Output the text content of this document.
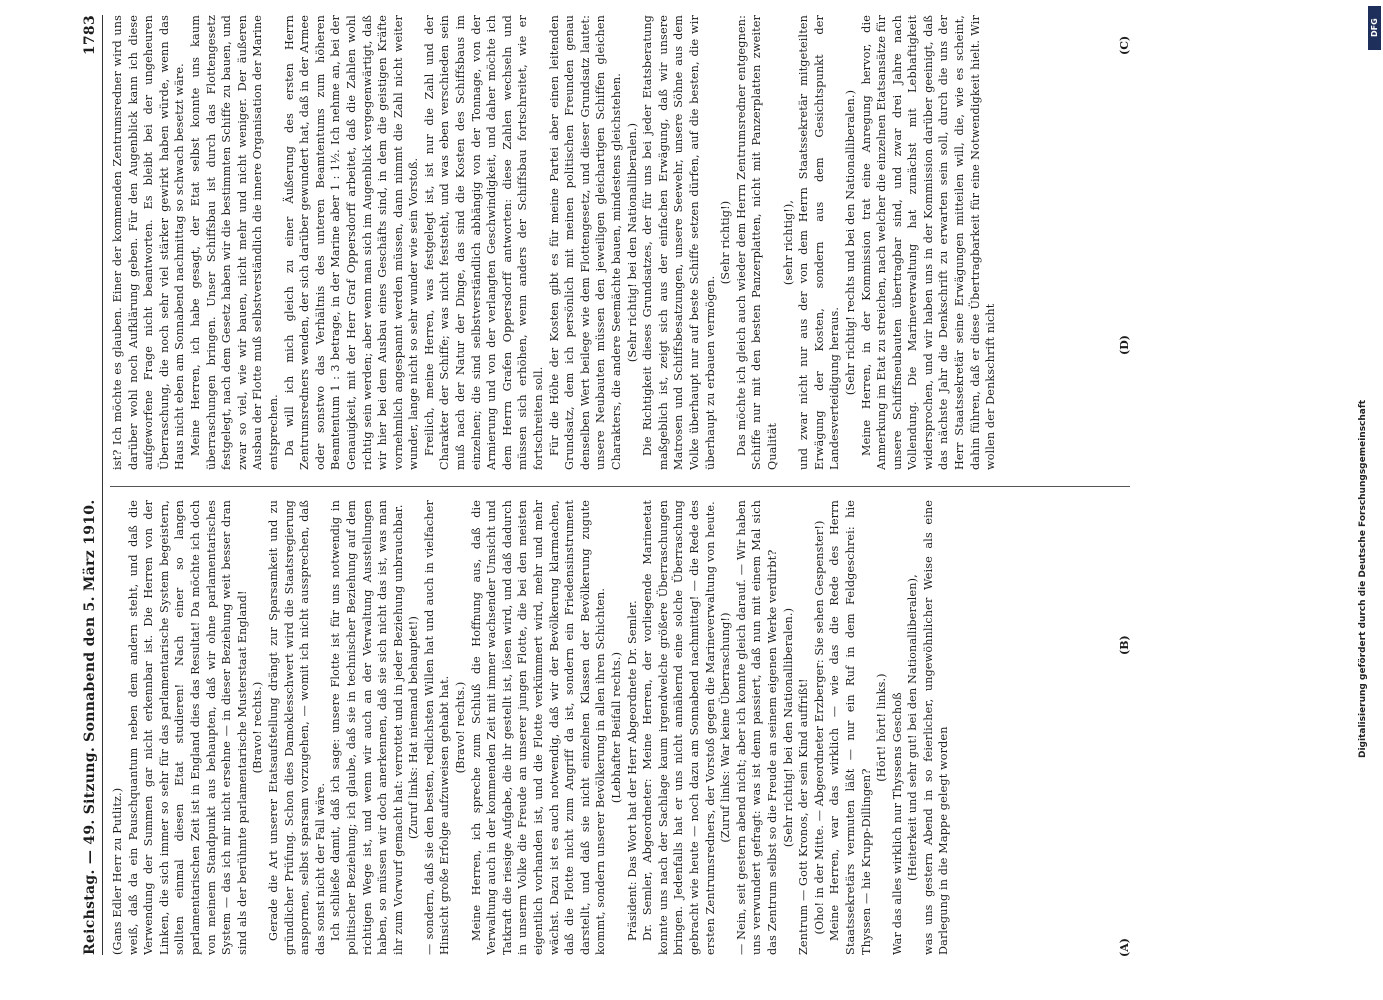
Reichstag. — 49. Sitzung. Sonnabend den 5. März 1910.
1783

(Gans Edler Herr zu Putlitz.) weiß, daß da ein Pauschquantum neben dem andern steht, und daß die Verwendung der Summen gar nicht erkennbar ist. Die Herren von der Linken, die sich immer so sehr für das parlamentarische System begeistern, sollten einmal diesen Etat studieren! Nach einer so langen parlamentarischen Zeit ist in England dies das Resultat! Da möchte ich doch von meinem Standpunkt aus behaupten, daß wir ohne parlamentarisches System — das ich mir nicht ersehne — in dieser Beziehung weit besser dran sind als der berühmte parlamentarische Musterstaat England! (Bravo! rechts.) Gerade die Art unserer Etatsaufstellung drängt zur Sparsamkeit und zu gründlicher Prüfung. Schon dies Damoklesschwert wird die Staatsregierung anspornen, selbst sparsam vorzugehen, — womit ich nicht aussprechen, daß das sonst nicht der Fall wäre. Ich schließe damit, daß ich sage: unsere Flotte ist für uns notwendig in politischer Beziehung; ich glaube, daß sie in technischer Beziehung auf dem richtigen Wege ist, und wenn wir auch an der Verwaltung Ausstellungen haben, so müssen wir doch anerkennen, daß sie sich nicht das ist, was man ihr zum Vorwurf gemacht hat: verrottet und in jeder Beziehung unbrauchbar. (Zuruf links: Hat niemand behauptet!) — sondern, daß sie den besten, redlichsten Willen hat und auch in vielfacher Hinsicht große Erfolge aufzuweisen gehabt hat. (Bravo! rechts.) Meine Herren, ich spreche zum Schluß die Hoffnung aus, daß die Verwaltung auch in der kommenden Zeit mit immer wachsender Umsicht und Tatkraft die riesige Aufgabe, die ihr gestellt ist, lösen wird, und daß dadurch in unserm Volke die Freude an unserer jungen Flotte, die bei den meisten eigentlich vorhanden ist, und die Flotte verkümmert wird, mehr und mehr wächst. Dazu ist es auch notwendig, daß wir der Bevölkerung klarmachen, daß die Flotte nicht zum Angriff da ist, sondern ein Friedensinstrument darstellt, und daß sie nicht einzelnen Klassen der Bevölkerung zugute kommt, sondern unserer Bevölkerung in allen ihren Schichten. (Lebhafter Beifall rechts.) Präsident: Das Wort hat der Herr Abgeordnete Dr. Semler. Dr. Semler, Abgeordneter: Meine Herren, der vorliegende Marineetat konnte uns nach der Sachlage kaum irgendwelche größere Überraschungen bringen. Jedenfalls hat er uns nicht annähernd eine solche Überraschung gebracht wie heute — noch dazu am Sonnabend nachmittag! — die Rede des ersten Zentrumsredners, der Vorstoß gegen die Marineverwaltung von heute. (Zuruf links: War keine Überraschung!) — Nein, seit gestern abend nicht; aber ich konnte gleich darauf. — Wir haben uns verwundert gefragt: was ist denn passiert, daß nun mit einem Mal sich das Zentrum selbst so die Freude an seinem eigenen Werke verdirbt? (Sehr richtig! bei den Nationalliberalen.) Zentrum — Gott Kronos, der sein Kind auffrißt! (Oho! in der Mitte. — Abgeordneter Erzberger: Sie sehen Gespenster!) Meine Herren, war das wirklich — wie das die Rede des Herrn Staatssekretärs vermuten läßt — nur ein Ruf in dem Feldgeschrei: hie Thyssen — hie Krupp-Dillingen?

(Hört! hört! links.) War das alles wirklich nur Thyssens Geschoß (Heiterkeit und sehr gut! bei den Nationalliberalen), was uns gestern Abend in so feierlicher, ungewöhnlicher Weise als eine Darlegung in die Mappe gelegt worden

ist? Ich möchte es glauben. Einer der kommenden Zentrumsredner wird uns darüber wohl noch Aufklärung geben. Für den Augenblick kann ich diese aufgeworfene Frage nicht beantworten. Es bleibt bei der ungeheuren Überraschung, die noch sehr viel stärker gewirkt haben würde, wenn das Haus nicht eben am Sonnabend nachmittag so schwach besetzt wäre. Meine Herren, ich habe gesagt, der Etat selbst konnte uns kaum überraschungen bringen. Unser Schiffsbau ist durch das Flottengesetz festgelegt, nach dem Gesetz haben wir die bestimmten Schiffe zu bauen, und zwar so viel, wie wir bauen, nicht mehr und nicht weniger. Der äußeren Ausbau der Flotte muß selbstverständlich die innere Organisation der Marine entsprechen. Da will ich mich gleich zu einer Äußerung des ersten Herrn Zentrumsredners wenden, der sich darüber gewundert hat, daß in der Armee oder sonstwo das Verhältnis des unteren Beamtentums zum höheren Beamtentum 1 : 3 betrage, in der Marine aber 1 : 1½. Ich nehme an, bei der Genauigkeit, mit der Herr Graf Oppersdorff arbeitet, daß die Zahlen wohl richtig sein werden; aber wenn man sich im Augenblick vergegenwärtigt, daß wir hier bei dem Ausbau eines Geschäfts sind, in dem die geistigen Kräfte vornehmlich angespannt werden müssen, dann nimmt die Zahl nicht weiter wunder, lange nicht so sehr wunder wie sein Vorstoß. Freilich, meine Herren, was festgelegt ist, ist nur die Zahl und der Charakter der Schiffe; was nicht feststeht, und was eben verschieden sein muß nach der Natur der Dinge, das sind die Kosten des Schiffsbaus im einzelnen; die sind selbstverständlich abhängig von der Tonnage, von der Armierung und von der verlangten Geschwindigkeit, und daher möchte ich dem Herrn Grafen Oppersdorff antworten: diese Zahlen wechseln und müssen sich erhöhen, wenn anders der Schiffsbau fortschreitet, wie er fortschreiten soll. Für die Höhe der Kosten gibt es für meine Partei aber einen leitenden Grundsatz, dem ich persönlich mit meinen politischen Freunden genau denselben Wert beilege wie dem Flottengesetz, und dieser Grundsatz lautet: unsere Neubauten müssen den jeweiligen gleichartigen Schiffen gleichen Charakters, die andere Seemächte bauen, mindestens gleichstehen. (Sehr richtig! bei den Nationalliberalen.) Die Richtigkeit dieses Grundsatzes, der für uns bei jeder Etatsberatung maßgeblich ist, zeigt sich aus der einfachen Erwägung, daß wir unsere Matrosen und Schiffsbesatzungen, unsere Seewehr, unsere Söhne aus dem Volke überhaupt nur auf beste Schiffe setzen dürfen, auf die besten, die wir überhaupt zu erbauen vermögen.

(Sehr richtig!) Das möchte ich gleich auch wieder dem Herrn Zentrumsredner entgegnen: Schiffe nur mit den besten Panzerplatten, nicht mit Panzerplatten zweiter Qualität

(sehr richtig!), und zwar nicht nur aus der von dem Herrn Staatssekretär mitgeteilten Erwägung der Kosten, sondern aus dem Gesichtspunkt der Landesverteidigung heraus. (Sehr richtig! rechts und bei den Nationalliberalen.) Meine Herren, in der Kommission trat eine Anregung hervor, die Anmerkung im Etat zu streichen, nach welcher die einzelnen Etatsansätze für unsere Schiffsneubauten übertragbar sind, und zwar drei Jahre nach Vollendung. Die Marineverwaltung hat zunächst mit Lebhaftigkeit widersprochen, und wir haben uns in der Kommission darüber geeinigt, daß das nächste Jahr die Denkschrift zu erwarten sein soll, durch die uns der Herr Staatssekretär seine Erwägungen mitteilen will, die, wie es scheint, dahin führen, daß er diese Übertragbarkeit für eine Notwendigkeit hielt. Wir wollen der Denkschrift nicht

(A)
(B)
(C)
(D)
DFG
Digitalisierung gefördert durch die Deutsche Forschungsgemeinschaft
